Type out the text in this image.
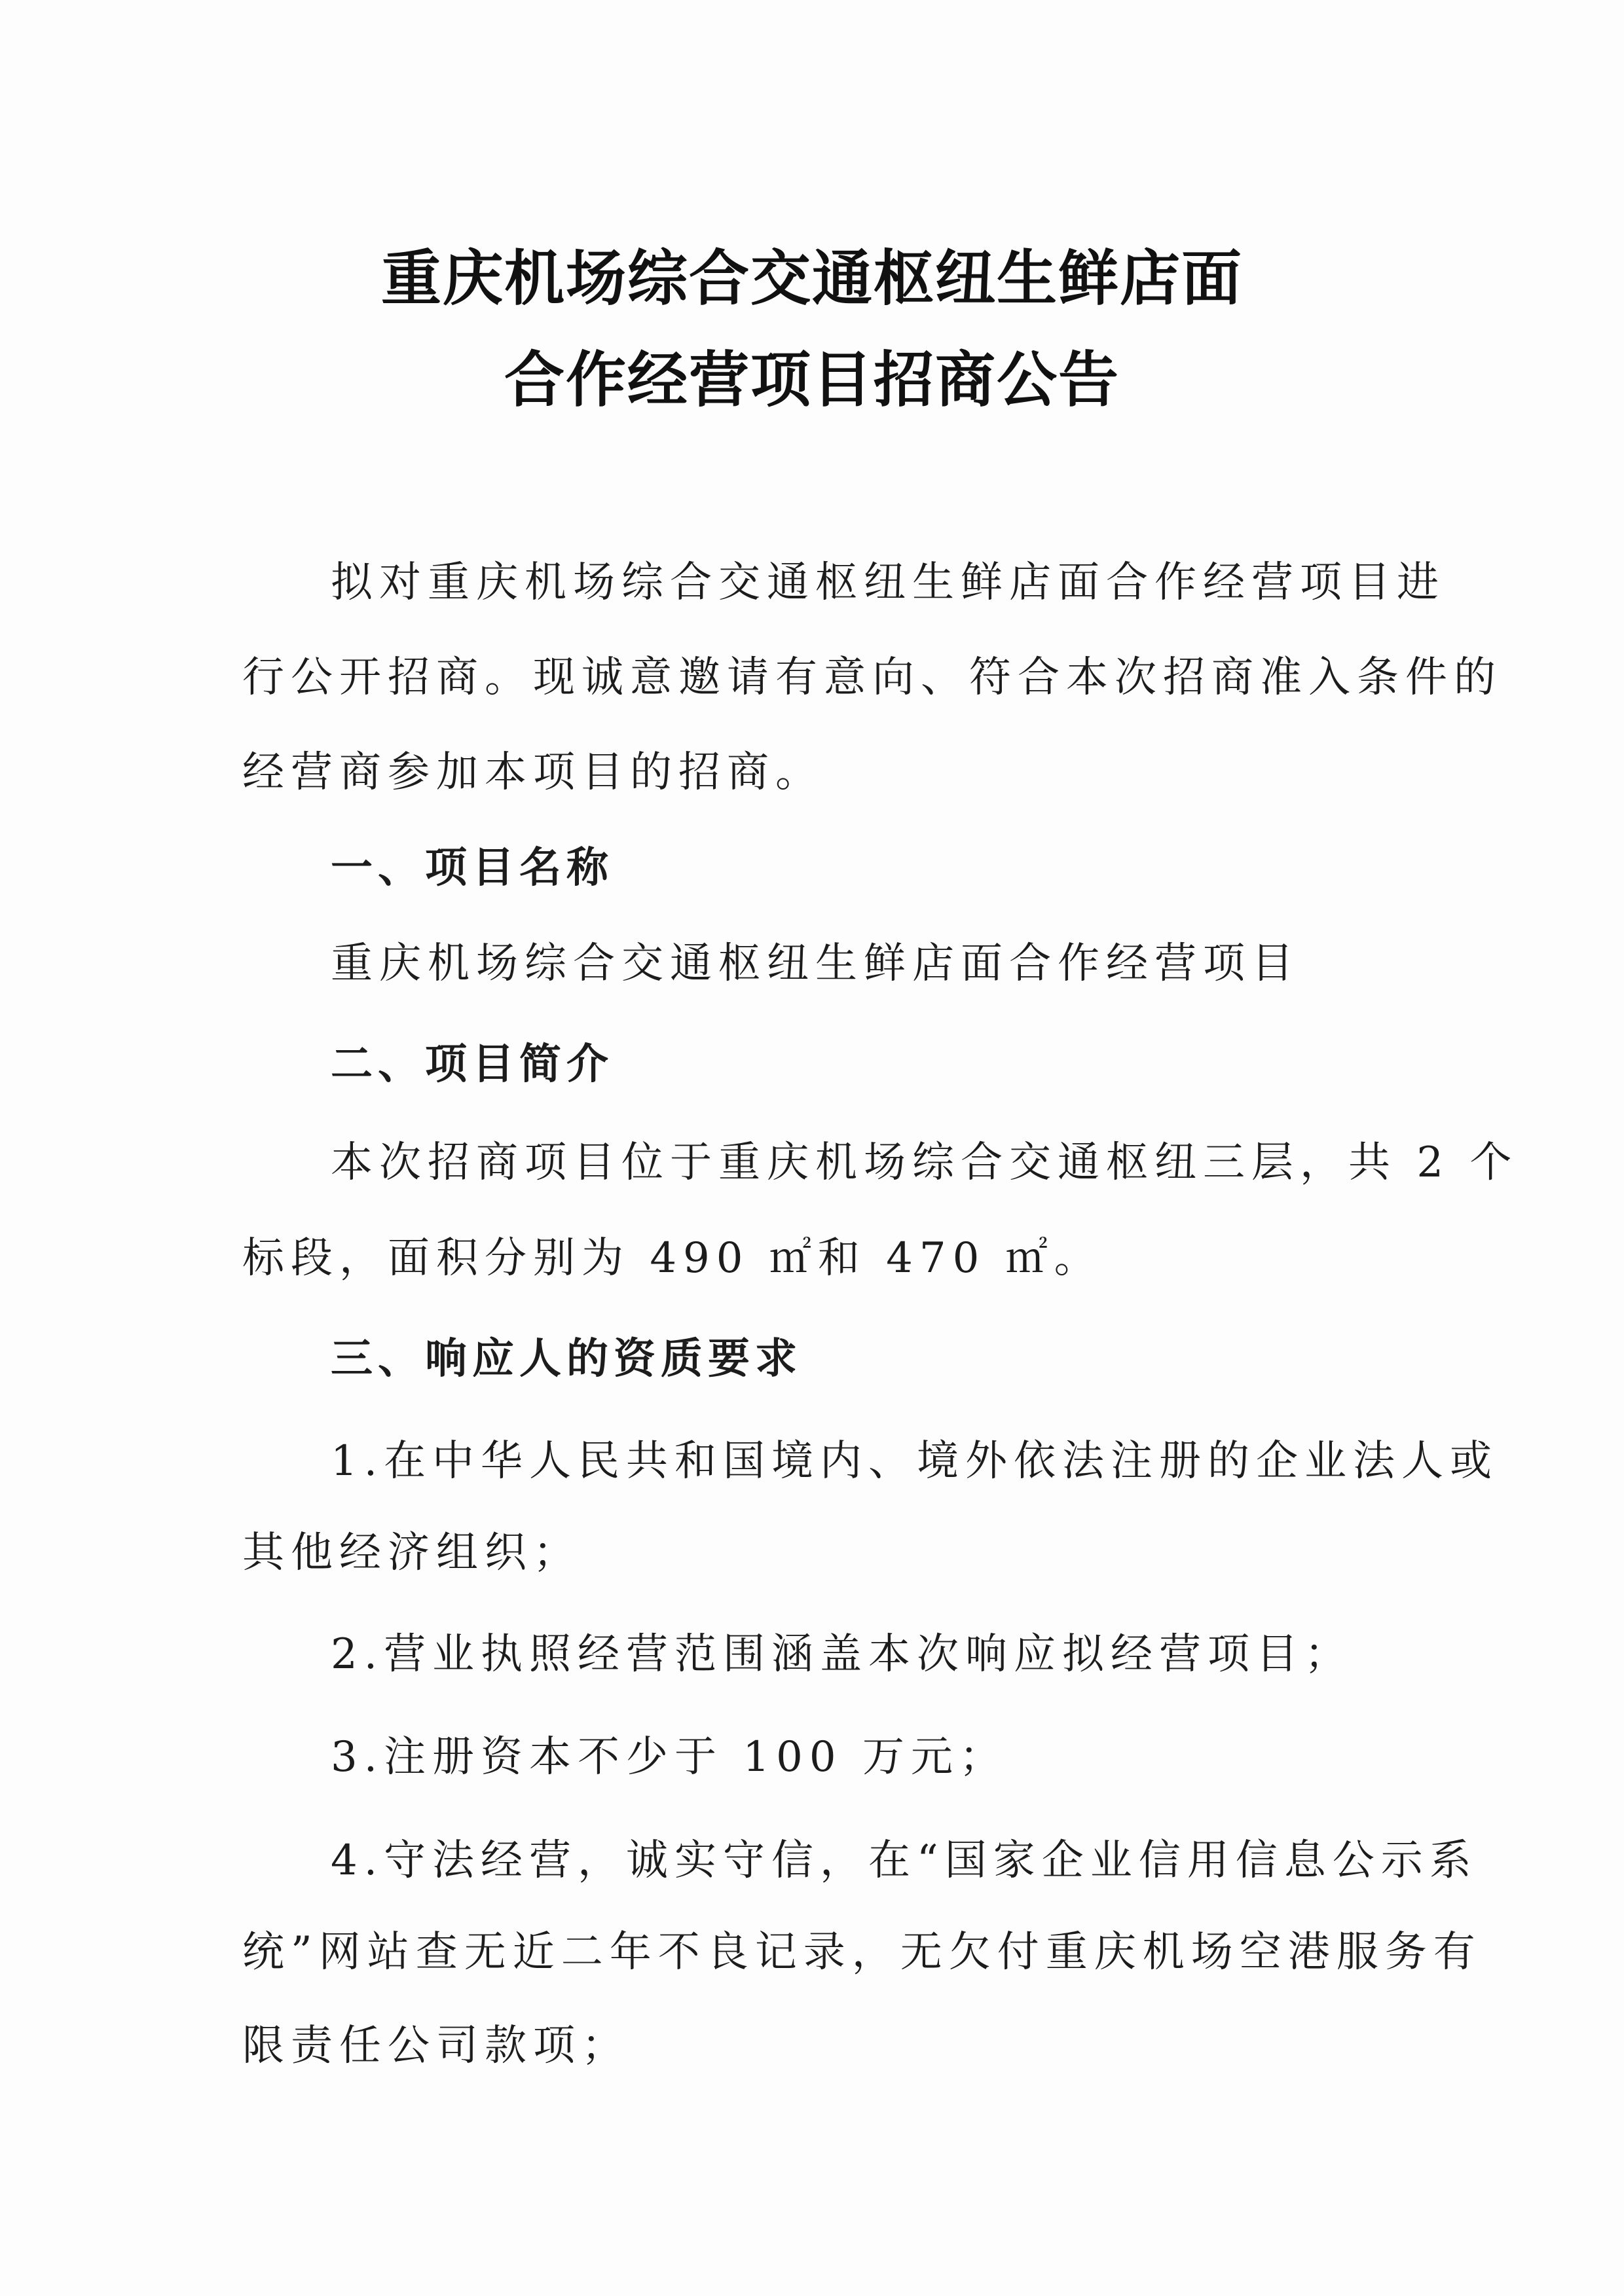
重庆机场综合交通枢纽生鲜店面
合作经营项目招商公告
拟对重庆机场综合交通枢纽生鲜店面合作经营项目进
行公开招商。现诚意邀请有意向、符合本次招商准入条件的
经营商参加本项目的招商。
一、项目名称
重庆机场综合交通枢纽生鲜店面合作经营项目
二、项目简介
本次招商项目位于重庆机场综合交通枢纽三层，共 2 个
标段，面积分别为 490 ㎡和 470 ㎡。
三、响应人的资质要求
1.在中华人民共和国境内、境外依法注册的企业法人或
其他经济组织；
2.营业执照经营范围涵盖本次响应拟经营项目；
3.注册资本不少于 100 万元；
4.守法经营，诚实守信，在“国家企业信用信息公示系
统”网站查无近二年不良记录，无欠付重庆机场空港服务有
限责任公司款项；
